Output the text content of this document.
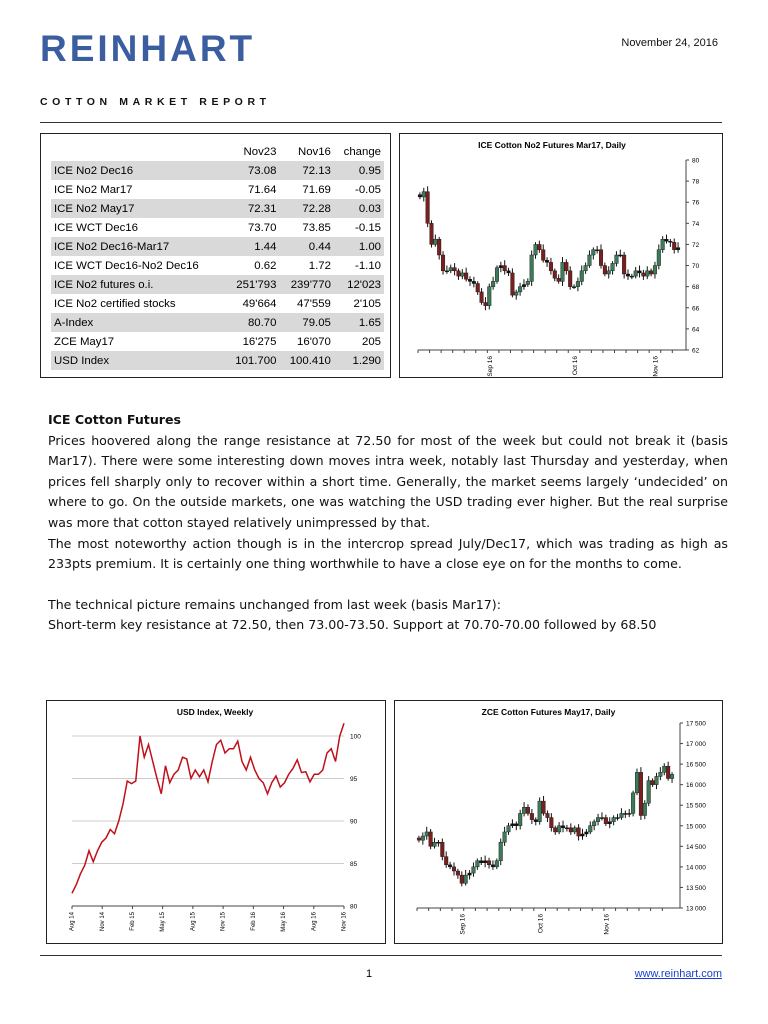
REINHART	November 24, 2016
COTTON MARKET REPORT
	Nov23	Nov16	change
ICE No2 Dec16	73.08	72.13	0.95
ICE No2 Mar17	71.64	71.69	-0.05
ICE No2 May17	72.31	72.28	0.03
ICE WCT Dec16	73.70	73.85	-0.15
ICE No2 Dec16-Mar17	1.44	0.44	1.00
ICE WCT Dec16-No2 Dec16	0.62	1.72	-1.10
ICE No2 futures o.i.	251'793	239'770	12'023
ICE No2 certified stocks	49'664	47'559	2'105
A-Index	80.70	79.05	1.65
ZCE May17	16'275	16'070	205
USD Index	101.700	100.410	1.290
ICE Cotton No2 Futures Mar17, Daily
62
64
66
68
70
72
74
76
78
80
Sep 16	Oct 16	Nov 16

ICE Cotton Futures

Prices hoovered along the range resistance at 72.50 for most of the week but could not break it (basis Mar17). There were some interesting down moves intra week, notably last Thursday and yesterday, when prices fell sharply only to recover within a short time. Generally, the market seems largely ‘undecided’ on where to go. On the outside markets, one was watching the USD trading ever higher. But the real surprise was more that cotton stayed relatively unimpressed by that.

The most noteworthy action though is in the intercrop spread July/Dec17, which was trading as high as 233pts premium. It is certainly one thing worthwhile to have a close eye on for the months to come.

The technical picture remains unchanged from last week (basis Mar17):

Short-term key resistance at 72.50, then 73.00-73.50. Support at 70.70-70.00 followed by 68.50

USD Index, Weekly
80
85
90
95
100
Aug 14	Nov 14	Feb 15	May 15	Aug 15	Nov 15	Feb 16	May 16	Aug 16	Nov 16
ZCE Cotton Futures May17, Daily
13 000
13 500
14 000
14 500
15 000
15 500
16 000
16 500
17 000
17 500
Sep 16	Oct 16	Nov 16
1	www.reinhart.com
